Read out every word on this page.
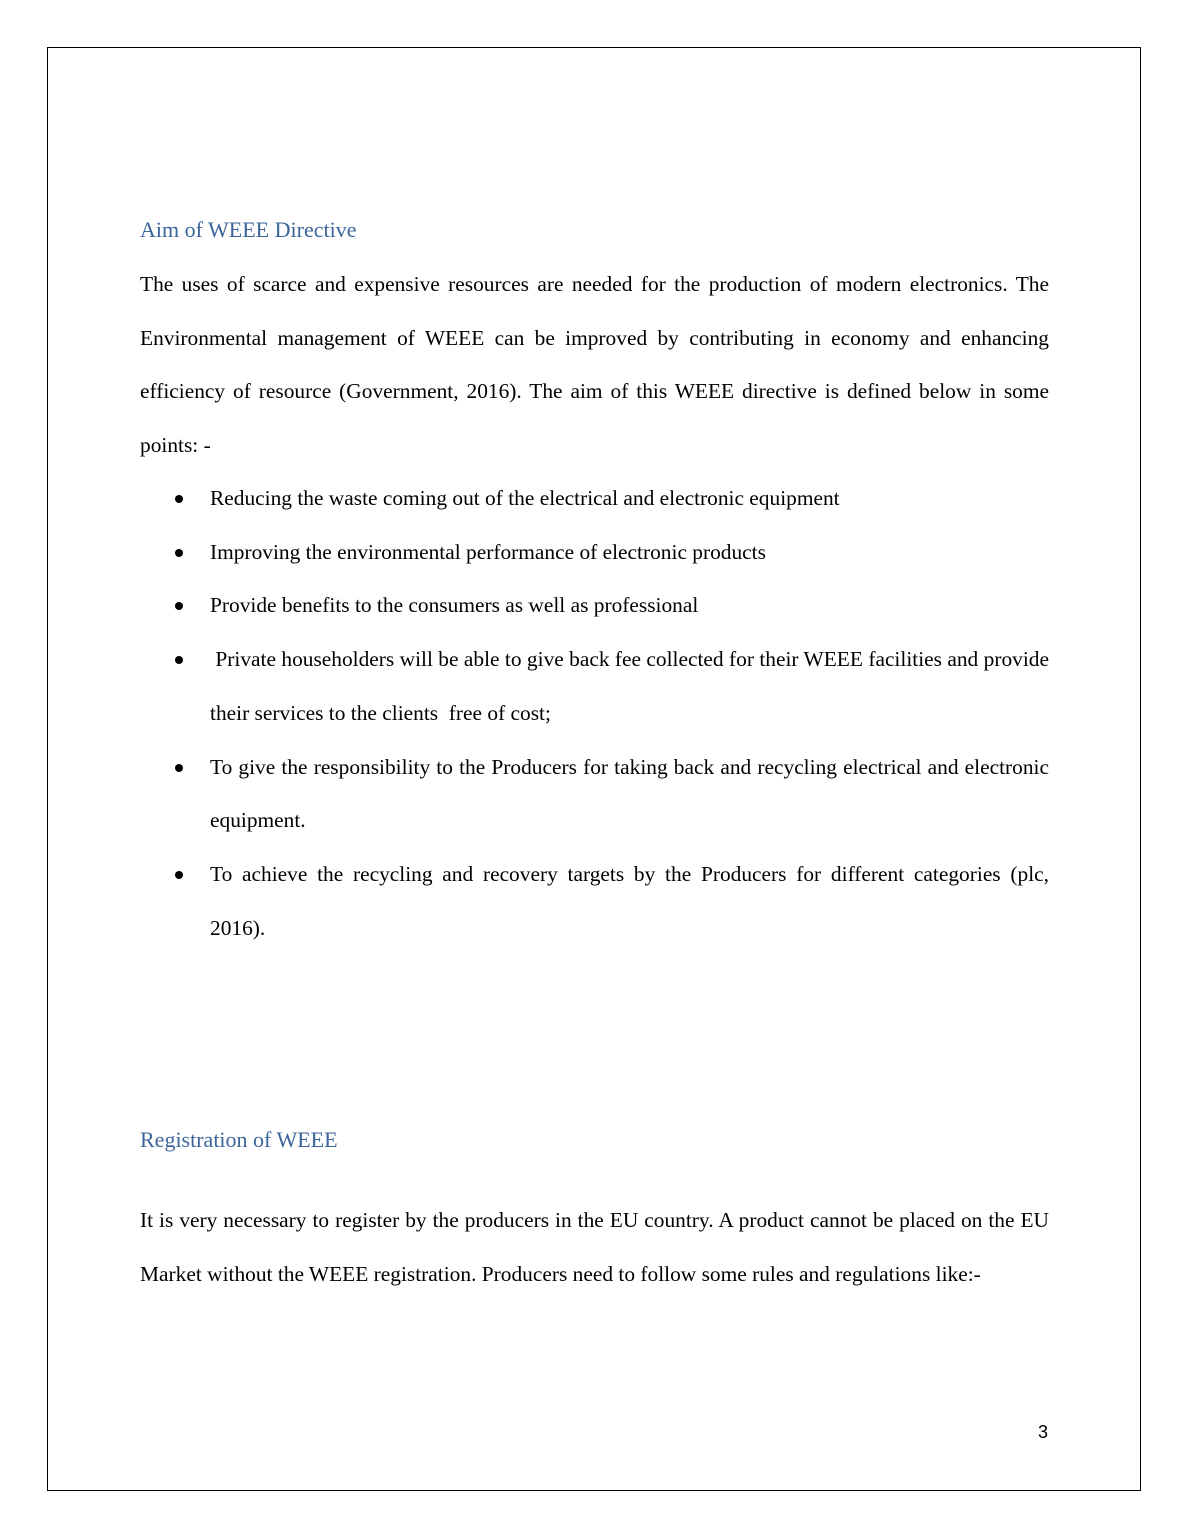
Aim of WEEE Directive

The uses of scarce and expensive resources are needed for the production of modern electronics. The Environmental management of WEEE can be improved by contributing in economy and enhancing efficiency of resource (Government, 2016). The aim of this WEEE directive is defined below in some points: -

Reducing the waste coming out of the electrical and electronic equipment
Improving the environmental performance of electronic products
Provide benefits to the consumers as well as professional
Private householders will be able to give back fee collected for their WEEE facilities and provide their services to the clients  free of cost;
To give the responsibility to the Producers for taking back and recycling electrical and electronic equipment.
To achieve the recycling and recovery targets by the Producers for different categories (plc, 2016).
Registration of WEEE

It is very necessary to register by the producers in the EU country. A product cannot be placed on the EU Market without the WEEE registration. Producers need to follow some rules and regulations like:-

3
